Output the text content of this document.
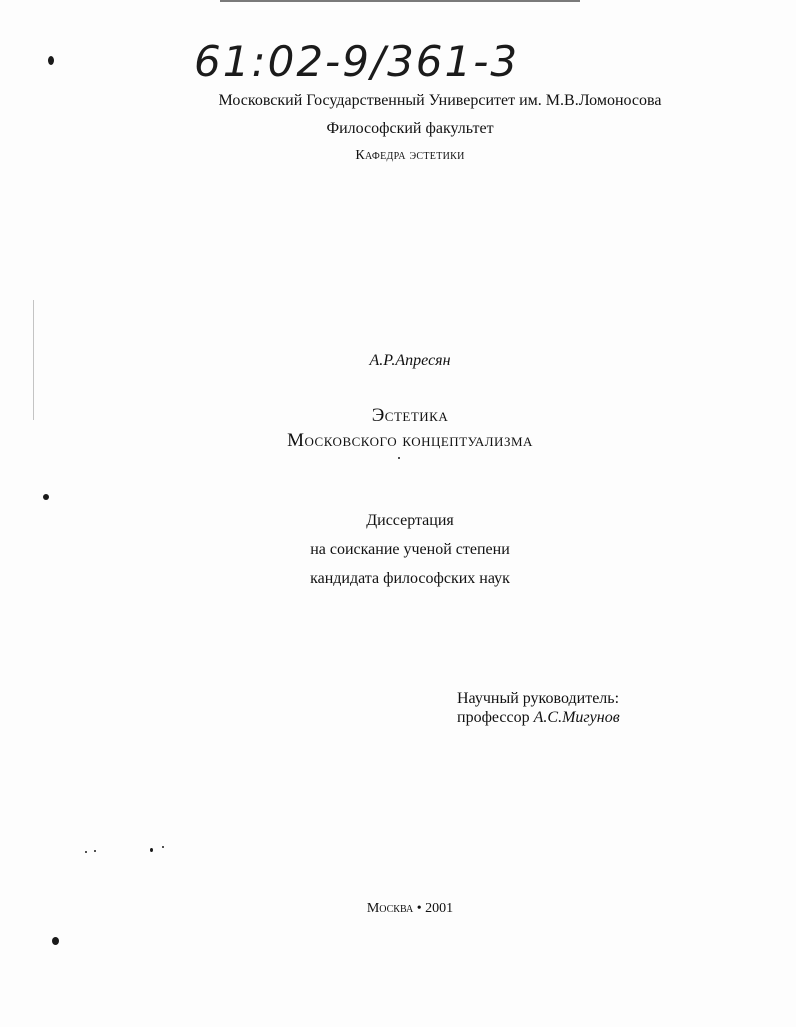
61:02-9/361-3
Московский Государственный Университет им. М.В.Ломоносова
Философский факультет
Кафедра эстетики
А.Р.Апресян
Эстетика
Московского концептуализма
Диссертация
на соискание ученой степени
кандидата философских наук
Научный руководитель:
профессор А.С.Мигунов
Москва • 2001
